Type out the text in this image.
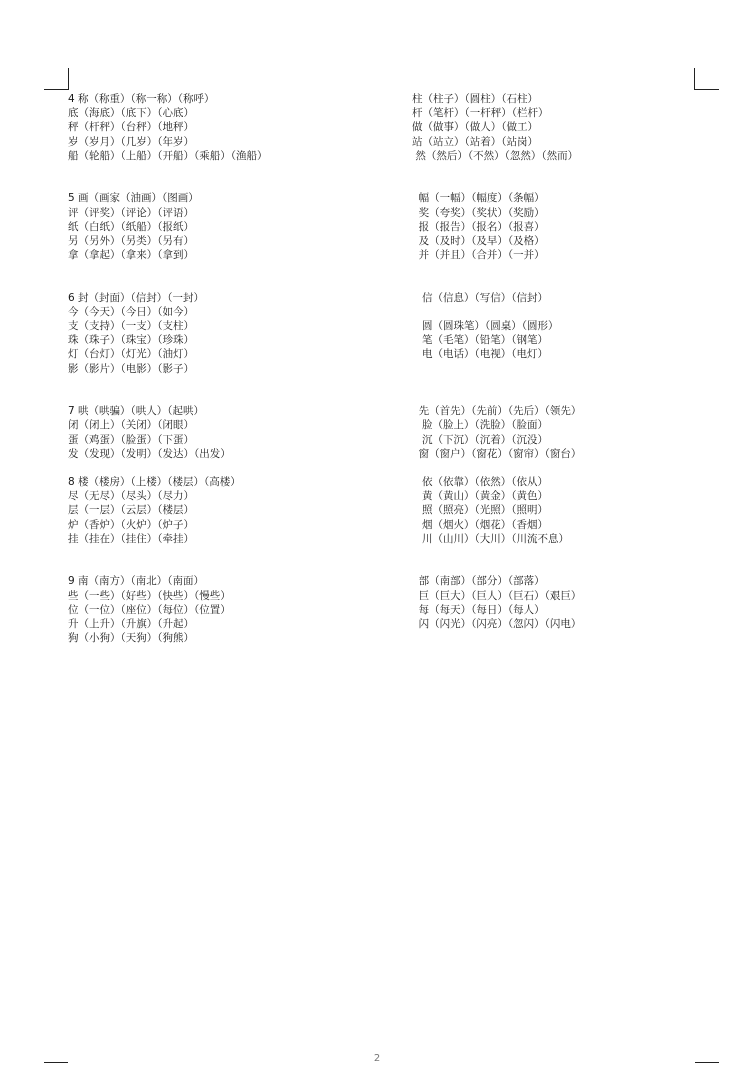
4 称（称重）（称一称）（称呼）
底（海底）（底下）（心底）
秤（杆秤）（台秤）（地秤）
岁（岁月）（几岁）（年岁）
船（轮船）（上船）（开船）（乘船）（渔船）
5 画（画家（油画）（图画）
评（评奖）（评论）（评语）
纸（白纸）（纸船）（报纸）
另（另外）（另类）（另有）
拿（拿起）（拿来）（拿到）
6 封（封面）（信封）（一封）
今（今天）（今日）（如今）
支（支持）（一支）（支柱）
珠（珠子）（珠宝）（珍珠）
灯（台灯）（灯光）（油灯）
影（影片）（电影）（影子）
7 哄（哄骗）（哄人）（起哄）
闭（闭上）（关闭）（闭眼）
蛋（鸡蛋）（脸蛋）（下蛋）
发（发现）（发明）（发达）（出发）
8 楼（楼房）（上楼）（楼层）（高楼）
尽（无尽）（尽头）（尽力）
层（一层）（云层）（楼层）
炉（香炉）（火炉）（炉子）
挂（挂在）（挂住）（牵挂）
9 南（南方）（南北）（南面）
些（一些）（好些）（快些）（慢些）
位（一位）（座位）（每位）（位置）
升（上升）（升旗）（升起）
狗（小狗）（天狗）（狗熊）
柱（柱子）（圆柱）（石柱）
杆（笔杆）（一杆秤）（栏杆）
做（做事）（做人）（做工）
站（站立）（站着）（站岗）
然（然后）（不然）（忽然）（然而）
幅（一幅）（幅度）（条幅）
奖（夸奖）（奖状）（奖励）
报（报告）（报名）（报喜）
及（及时）（及早）（及格）
并（并且）（合并）（一并）
信（信息）（写信）（信封）
圆（圆珠笔）（圆桌）（圆形）
笔（毛笔）（铅笔）（钢笔）
电（电话）（电视）（电灯）
先（首先）（先前）（先后）（领先）
脸（脸上）（洗脸）（脸面）
沉（下沉）（沉着）（沉没）
窗（窗户）（窗花）（窗帘）（窗台）
依（依靠）（依然）（依从）
黄（黄山）（黄金）（黄色）
照（照亮）（光照）（照明）
烟（烟火）（烟花）（香烟）
川（山川）（大川）（川流不息）
部（南部）（部分）（部落）
巨（巨大）（巨人）（巨石）（艰巨）
每（每天）（每日）（每人）
闪（闪光）（闪亮）（忽闪）（闪电）
2
